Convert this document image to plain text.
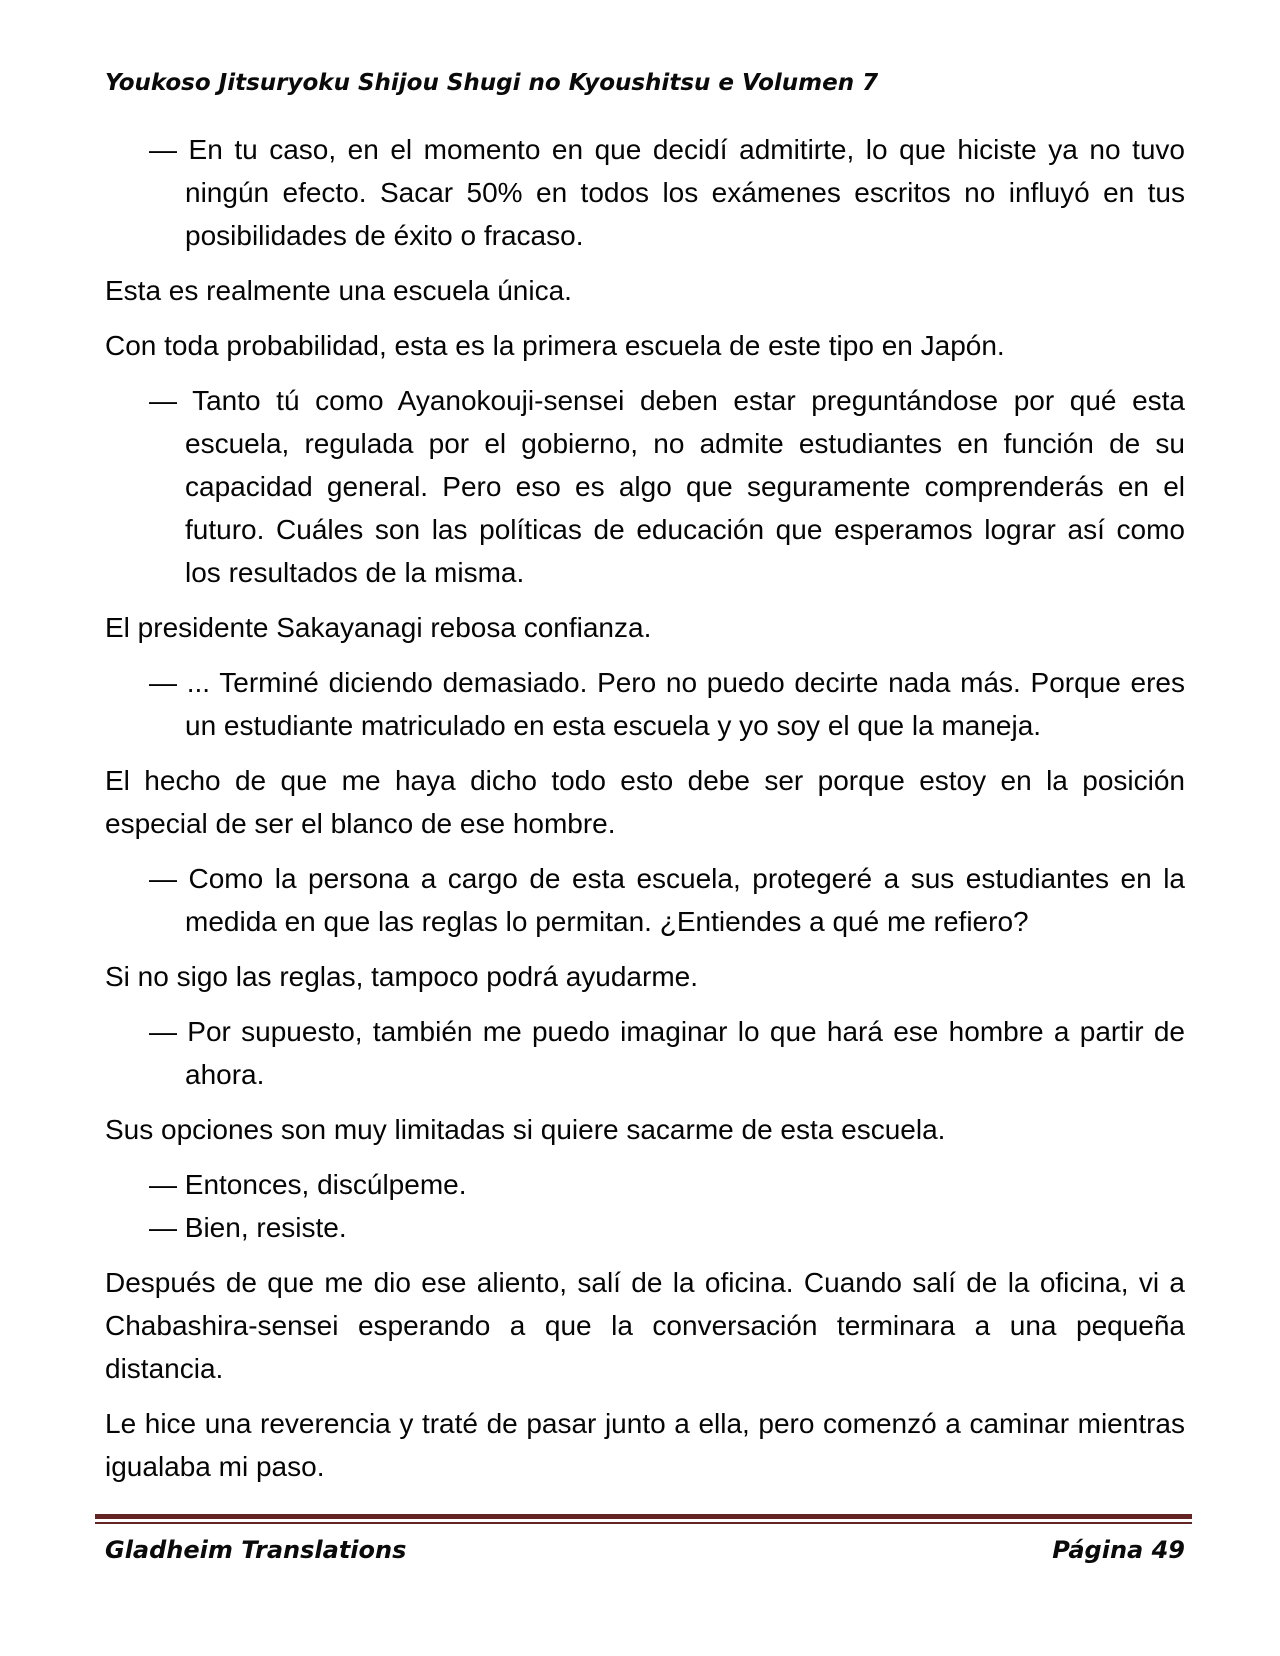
Youkoso Jitsuryoku Shijou Shugi no Kyoushitsu e Volumen 7

— En tu caso, en el momento en que decidí admitirte, lo que hiciste ya no tuvo ningún efecto. Sacar 50% en todos los exámenes escritos no influyó en tus posibilidades de éxito o fracaso.

Esta es realmente una escuela única.

Con toda probabilidad, esta es la primera escuela de este tipo en Japón.

— Tanto tú como Ayanokouji-sensei deben estar preguntándose por qué esta escuela, regulada por el gobierno, no admite estudiantes en función de su capacidad general. Pero eso es algo que seguramente comprenderás en el futuro. Cuáles son las políticas de educación que esperamos lograr así como los resultados de la misma.

El presidente Sakayanagi rebosa confianza.

— ... Terminé diciendo demasiado. Pero no puedo decirte nada más. Porque eres un estudiante matriculado en esta escuela y yo soy el que la maneja.

El hecho de que me haya dicho todo esto debe ser porque estoy en la posición especial de ser el blanco de ese hombre.

— Como la persona a cargo de esta escuela, protegeré a sus estudiantes en la medida en que las reglas lo permitan. ¿Entiendes a qué me refiero?

Si no sigo las reglas, tampoco podrá ayudarme.

— Por supuesto, también me puedo imaginar lo que hará ese hombre a partir de ahora.

Sus opciones son muy limitadas si quiere sacarme de esta escuela.

— Entonces, discúlpeme.

— Bien, resiste.

Después de que me dio ese aliento, salí de la oficina. Cuando salí de la oficina, vi a Chabashira-sensei esperando a que la conversación terminara a una pequeña distancia.

Le hice una reverencia y traté de pasar junto a ella, pero comenzó a caminar mientras igualaba mi paso.

Gladheim Translations	Página 49
